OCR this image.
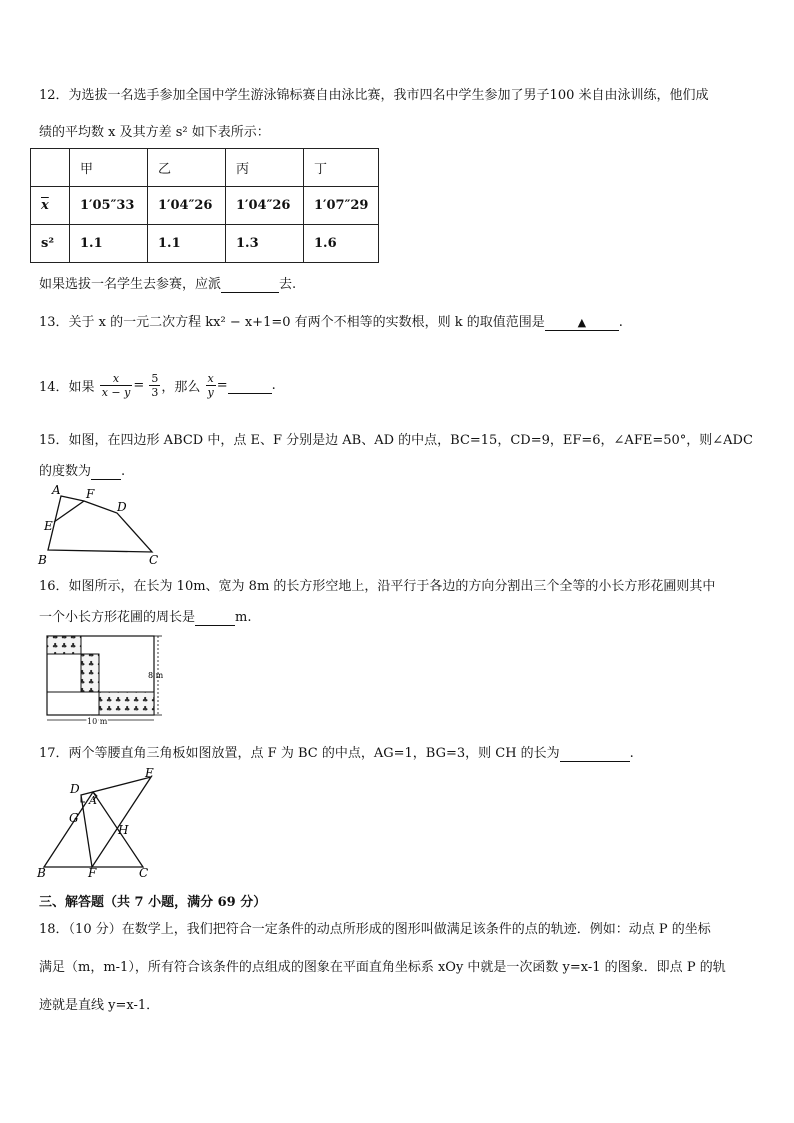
12．为选拔一名选手参加全国中学生游泳锦标赛自由泳比赛，我市四名中学生参加了男子100 米自由泳训练，他们成
绩的平均数 x 及其方差 s² 如下表所示：
	甲	乙	丙	丁
$\overline{x}$	1′05″33	1′04″26	1′04″26	1′07″29
s²	1.1	1.1	1.3	1.6
如果选拔一名学生去参赛，应派	去.
13．关于 x 的一元二次方程 kx² − x+1=0 有两个不相等的实数根，则 k 的取值范围是	▲	.
14．如果 $\frac{x}{x - y} = \frac{5}{3}$ ，那么 $\frac{x}{y}$ =	.
15．如图，在四边形 ABCD 中，点 E、F 分别是边 AB、AD 的中点，BC=15，CD=9，EF=6，∠AFE=50°，则∠ADC
的度数为 .
A F
D
E
B	C
16．如图所示，在长为 10m、宽为 8m 的长方形空地上，沿平行于各边的方向分割出三个全等的小长方形花圃则其中
一个小长方形花圃的周长是	m.
8 m
10 m
17．两个等腰直角三角板如图放置，点 F 为 BC 的中点，AG=1，BG=3，则 CH 的长为	.
E
D
A
G
H
B	F	C
三、解答题（共 7 小题，满分 69 分）
18．（10 分）在数学上，我们把符合一定条件的动点所形成的图形叫做满足该条件的点的轨迹．例如：动点 P 的坐标
满足（m，m-1），所有符合该条件的点组成的图象在平面直角坐标系 xOy 中就是一次函数 y=x-1 的图象．即点 P 的轨
迹就是直线 y=x-1．
